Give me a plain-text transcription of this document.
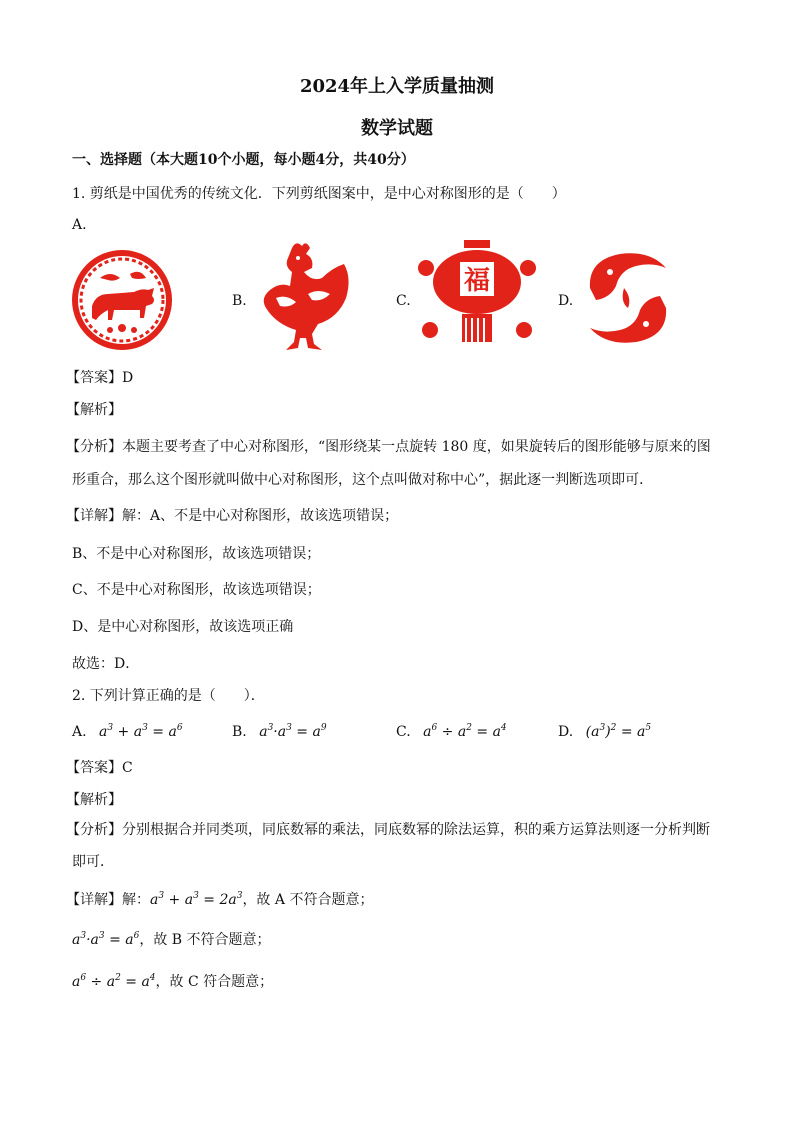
2024年上入学质量抽测
数学试题
一、选择题（本大题10个小题，每小题4分，共40分）
1. 剪纸是中国优秀的传统文化．下列剪纸图案中，是中心对称图形的是（　　）
A.
B.	C.
福
D.
【答案】D
【解析】
【分析】本题主要考查了中心对称图形，“图形绕某一点旋转 180 度，如果旋转后的图形能够与原来的图
形重合，那么这个图形就叫做中心对称图形，这个点叫做对称中心”，据此逐一判断选项即可．
【详解】解：A、不是中心对称图形，故该选项错误；
B、不是中心对称图形，故该选项错误；
C、不是中心对称图形，故该选项错误；
D、是中心对称图形，故该选项正确
故选：D．
2. 下列计算正确的是（　　）．
A. $a^3 + a^3 = a^6$	B. $a^3\cdot a^3 = a^9$	C. $a^6 \div a^2 = a^4$	D. $(a^3)^2 = a^5$
【答案】C
【解析】
【分析】分别根据合并同类项，同底数幂的乘法，同底数幂的除法运算，积的乘方运算法则逐一分析判断
即可．
【详解】解：$a^3 + a^3 = 2a^3$，故 A 不符合题意；
$a^3\cdot a^3 = a^6$，故 B 不符合题意；
$a^6 \div a^2 = a^4$，故 C 符合题意；
